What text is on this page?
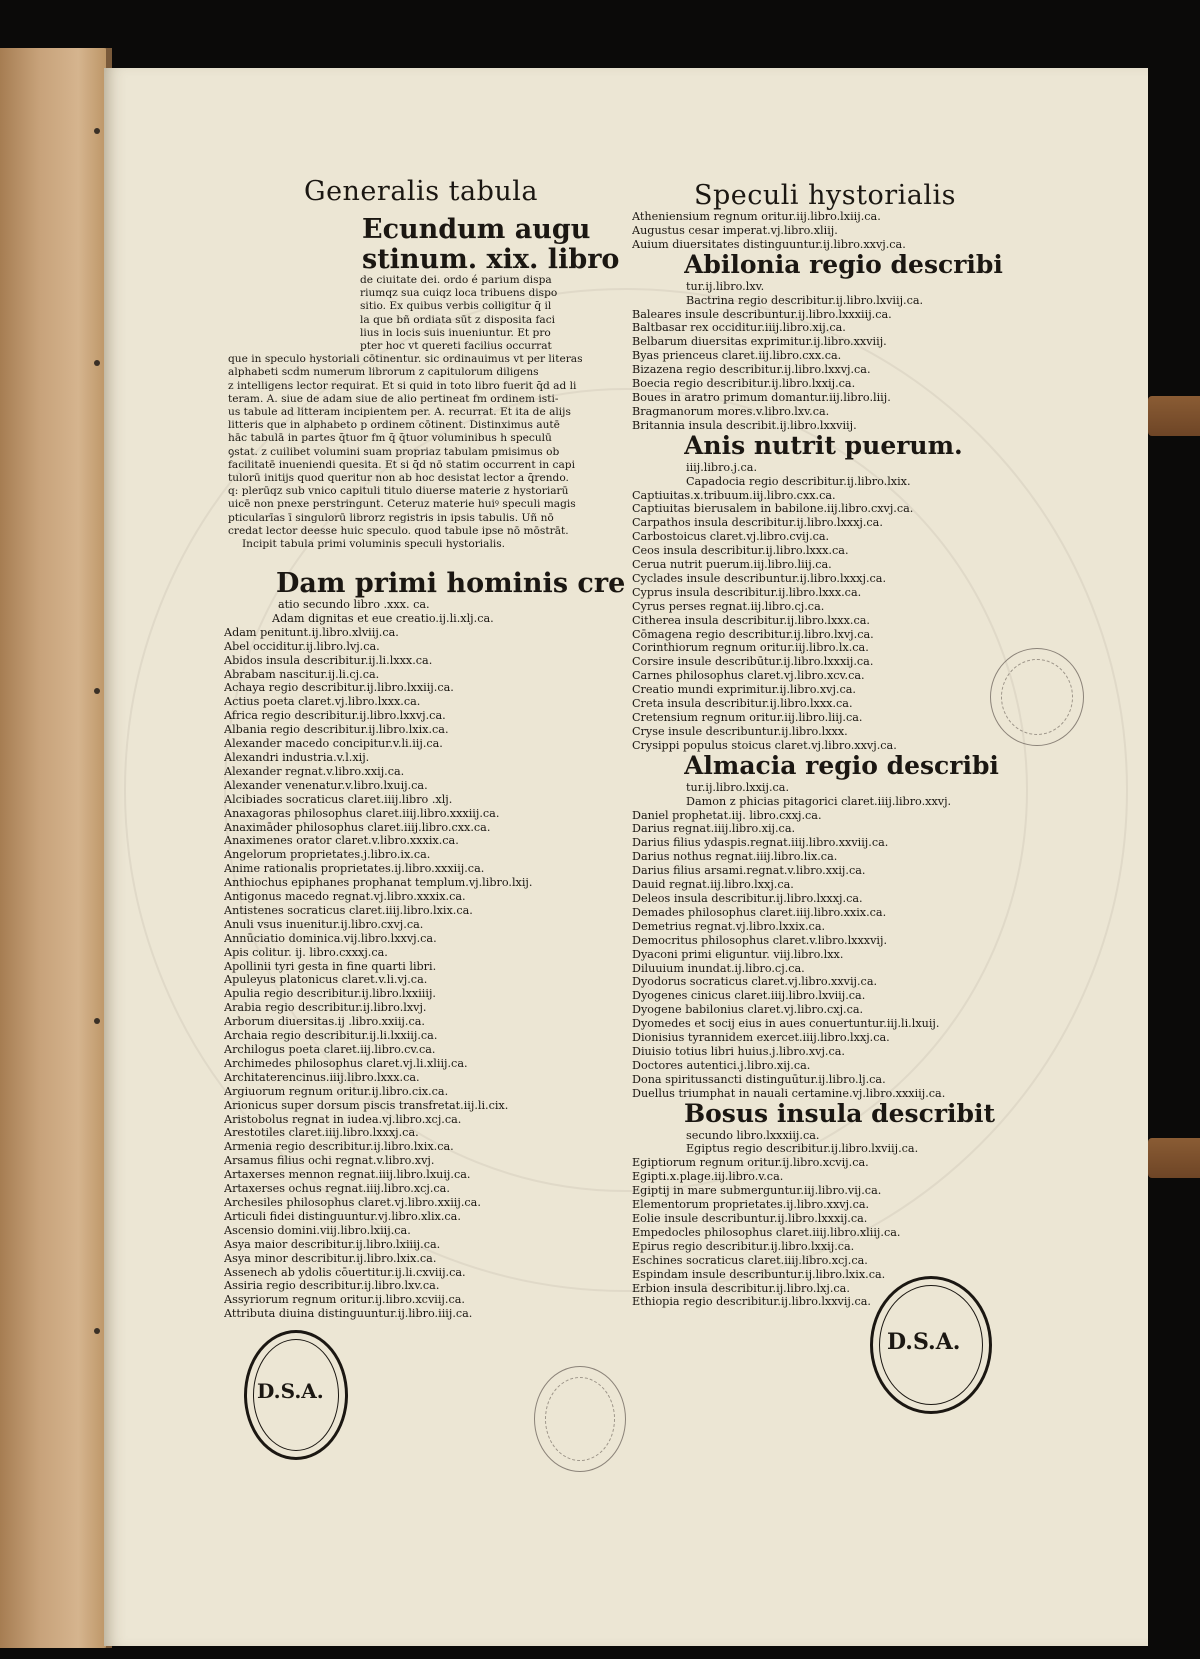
Generalis tabula
Ecundum augu
stinum. xix. libro

de ciuitate dei. ordo é parium dispa

riumqz sua cuiqz loca tribuens dispo

sitio. Ex quibus verbis colligitur q̄ il

la que bñ ordiata sūt z disposita faci

lius in locis suis inueniuntur. Et pro

pter hoc vt quereti facilius occurrat

que in speculo hystoriali cōtinentur. sic ordinauimus vt per literas

alphabeti scḋm numerum librorum z capitulorum diligens

z intelligens lector requirat. Et si quid in toto libro fuerit q̄d ad li

teram. A. siue de adam siue de alio pertineat fm ordinem isti-

us tabule ad litteram incipientem per. A. recurrat. Et ita de alijs

litteris que in alphabeto p ordinem cōtinent. Distinximus autē

hāc tabulā in partes q̄tuor fm q̄ q̄tuor voluminibus h̄ speculū

ꝯstat. z cuilibet volumini suam propriaz tabulam pmisimus ob

facilitatē inueniendi quesita. Et si q̄d nō statim occurrent in capi

tulorū initijs quod queritur non ab hoc desistat lector a q̄rendo.

q: plerūqz sub vnico capituli titulo diuerse materie z hystoriarū

uicē non pnexe perstringunt. Ceteruz materie huiꝰ speculi magis

pticularīas ī singulorū librorz registris in ipsis tabulis. Uñ nō

credat lector deesse huic speculo. quod tabule ipse nō mōstrāt.

Incipit tabula primi voluminis speculi hystorialis.

Dam primi hominis cre
atio secundo libro .xxx. ca.
Adam dignitas et eue creatio.ij.li.xlj.ca.
Adam penitunt.ij.libro.xlviij.ca.
Abel occiditur.ij.libro.lvj.ca.
Abidos insula describitur.ij.li.lxxx.ca.
Abrabam nascitur.ij.li.cj.ca.
Achaya regio describitur.ij.libro.lxxiij.ca.
Actius poeta claret.vj.libro.lxxx.ca.
Africa regio describitur.ij.libro.lxxvj.ca.
Albania regio describitur.ij.libro.lxix.ca.
Alexander macedo concipitur.v.li.iij.ca.
Alexandri industria.v.l.xij.
Alexander regnat.v.libro.xxij.ca.
Alexander venenatur.v.libro.lxuij.ca.
Alcibiades socraticus claret.iiij.libro .xlj.
Anaxagoras philosophus claret.iiij.libro.xxxiij.ca.
Anaximāder philosophus claret.iiij.libro.cxx.ca.
Anaximenes orator claret.v.libro.xxxix.ca.
Angelorum proprietates.j.libro.ix.ca.
Anime rationalis proprietates.ij.libro.xxxiij.ca.
Anthiochus epiphanes prophanat templum.vj.libro.lxij.
Antigonus macedo regnat.vj.libro.xxxix.ca.
Antistenes socraticus claret.iiij.libro.lxix.ca.
Anuli vsus inuenitur.ij.libro.cxvj.ca.
Annūciatio dominica.vij.libro.lxxvj.ca.
Apis colitur. ij. libro.cxxxj.ca.
Apollinii tyri gesta in fine quarti libri.
Apuleyus platonicus claret.v.li.vj.ca.
Apulia regio describitur.ij.libro.lxxiiij.
Arabia regio describitur.ij.libro.lxvj.
Arborum diuersitas.ij .libro.xxiij.ca.
Archaia regio describitur.ij.li.lxxiij.ca.
Archilogus poeta claret.iij.libro.cv.ca.
Archimedes philosophus claret.vj.li.xliij.ca.
Architaterencinus.iiij.libro.lxxx.ca.
Argiuorum regnum oritur.ij.libro.cix.ca.
Arionicus super dorsum piscis transfretat.iij.li.cix.
Aristobolus regnat in iudea.vj.libro.xcj.ca.
Arestotiles claret.iiij.libro.lxxxj.ca.
Armenia regio describitur.ij.libro.lxix.ca.
Arsamus filius ochi regnat.v.libro.xvj.
Artaxerses mennon regnat.iiij.libro.lxuij.ca.
Artaxerses ochus regnat.iiij.libro.xcj.ca.
Archesiles philosophus claret.vj.libro.xxiij.ca.
Articuli fidei distinguuntur.vj.libro.xlix.ca.
Ascensio domini.viij.libro.lxiij.ca.
Asya maior describitur.ij.libro.lxiiij.ca.
Asya minor describitur.ij.libro.lxix.ca.
Assenech ab ydolis cōuertitur.ij.li.cxviij.ca.
Assiria regio describitur.ij.libro.lxv.ca.
Assyriorum regnum oritur.ij.libro.xcviij.ca.
Attributa diuina distinguuntur.ij.libro.iiij.ca.
Speculi hystorialis
Atheniensium regnum oritur.iij.libro.lxiij.ca.
Augustus cesar imperat.vj.libro.xliij.
Auium diuersitates distinguuntur.ij.libro.xxvj.ca.
Abilonia regio describi
tur.ij.libro.lxv.
Bactrina regio describitur.ij.libro.lxviij.ca.
Baleares insule describuntur.ij.libro.lxxxiij.ca.
Baltbasar rex occiditur.iiij.libro.xij.ca.
Belbarum diuersitas exprimitur.ij.libro.xxviij.
Byas prienceus claret.iij.libro.cxx.ca.
Bizazena regio describitur.ij.libro.lxxvj.ca.
Boecia regio describitur.ij.libro.lxxij.ca.
Boues in aratro primum domantur.iij.libro.liij.
Bragmanorum mores.v.libro.lxv.ca.
Britannia insula describit.ij.libro.lxxviij.
Anis nutrit puerum.
iiij.libro.j.ca.
Capadocia regio describitur.ij.libro.lxix.
Captiuitas.x.tribuum.iij.libro.cxx.ca.
Captiuitas bierusalem in babilone.iij.libro.cxvj.ca.
Carpathos insula describitur.ij.libro.lxxxj.ca.
Carbostoicus claret.vj.libro.cvij.ca.
Ceos insula describitur.ij.libro.lxxx.ca.
Cerua nutrit puerum.iij.libro.liij.ca.
Cyclades insule describuntur.ij.libro.lxxxj.ca.
Cyprus insula describitur.ij.libro.lxxx.ca.
Cyrus perses regnat.iij.libro.cj.ca.
Citherea insula describitur.ij.libro.lxxx.ca.
Cōmagena regio describitur.ij.libro.lxvj.ca.
Corinthiorum regnum oritur.iij.libro.lx.ca.
Corsire insule describūtur.ij.libro.lxxxij.ca.
Carnes philosophus claret.vj.libro.xcv.ca.
Creatio mundi exprimitur.ij.libro.xvj.ca.
Creta insula describitur.ij.libro.lxxx.ca.
Cretensium regnum oritur.iij.libro.liij.ca.
Cryse insule describuntur.ij.libro.lxxx.
Crysippi populus stoicus claret.vj.libro.xxvj.ca.
Almacia regio describi
tur.ij.libro.lxxij.ca.
Damon z phicias pitagorici claret.iiij.libro.xxvj.
Daniel prophetat.iij. libro.cxxj.ca.
Darius regnat.iiij.libro.xij.ca.
Darius filius ydaspis.regnat.iiij.libro.xxviij.ca.
Darius nothus regnat.iiij.libro.lix.ca.
Darius filius arsami.regnat.v.libro.xxij.ca.
Dauid regnat.iij.libro.lxxj.ca.
Deleos insula describitur.ij.libro.lxxxj.ca.
Demades philosophus claret.iiij.libro.xxix.ca.
Demetrius regnat.vj.libro.lxxix.ca.
Democritus philosophus claret.v.libro.lxxxvij.
Dyaconi primi eliguntur. viij.libro.lxx.
Diluuium inundat.ij.libro.cj.ca.
Dyodorus socraticus claret.vj.libro.xxvij.ca.
Dyogenes cinicus claret.iiij.libro.lxviij.ca.
Dyogene babilonius claret.vj.libro.cxj.ca.
Dyomedes et socij eius in aues conuertuntur.iij.li.lxuij.
Dionisius tyrannidem exercet.iiij.libro.lxxj.ca.
Diuisio totius libri huius.j.libro.xvj.ca.
Doctores autentici.j.libro.xij.ca.
Dona spiritussancti distinguūtur.ij.libro.lj.ca.
Duellus triumphat in nauali certamine.vj.libro.xxxiij.ca.
Bosus insula describit
secundo libro.lxxxiij.ca.
Egiptus regio describitur.ij.libro.lxviij.ca.
Egiptiorum regnum oritur.ij.libro.xcvij.ca.
Egipti.x.plage.iij.libro.v.ca.
Egiptij in mare submerguntur.iij.libro.vij.ca.
Elementorum proprietates.ij.libro.xxvj.ca.
Eolie insule describuntur.ij.libro.lxxxij.ca.
Empedocles philosophus claret.iiij.libro.xliij.ca.
Epirus regio describitur.ij.libro.lxxij.ca.
Eschines socraticus claret.iiij.libro.xcj.ca.
Espindam insule describuntur.ij.libro.lxix.ca.
Erbion insula describitur.ij.libro.lxj.ca.
Ethiopia regio describitur.ij.libro.lxxvij.ca.
D.S.A.
D.S.A.
